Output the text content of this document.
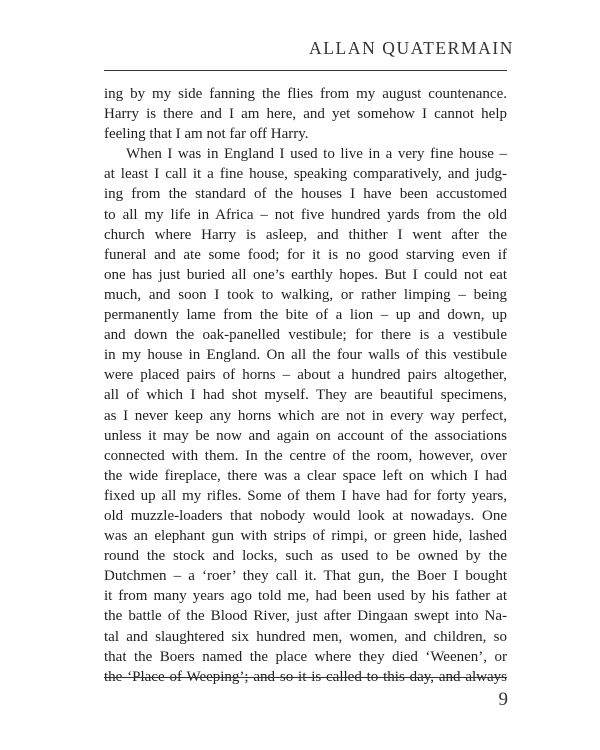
ALLAN QUATERMAIN
ing by my side fanning the flies from my august countenance.
Harry is there and I am here, and yet somehow I cannot help
feeling that I am not far off Harry.
When I was in England I used to live in a very fine house –
at least I call it a fine house, speaking comparatively, and judg-
ing from the standard of the houses I have been accustomed
to all my life in Africa – not five hundred yards from the old
church where Harry is asleep, and thither I went after the
funeral and ate some food; for it is no good starving even if
one has just buried all one’s earthly hopes. But I could not eat
much, and soon I took to walking, or rather limping – being
permanently lame from the bite of a lion – up and down, up
and down the oak-panelled vestibule; for there is a vestibule
in my house in England. On all the four walls of this vestibule
were placed pairs of horns – about a hundred pairs altogether,
all of which I had shot myself. They are beautiful specimens,
as I never keep any horns which are not in every way perfect,
unless it may be now and again on account of the associations
connected with them. In the centre of the room, however, over
the wide fireplace, there was a clear space left on which I had
fixed up all my rifles. Some of them I have had for forty years,
old muzzle-loaders that nobody would look at nowadays. One
was an elephant gun with strips of rimpi, or green hide, lashed
round the stock and locks, such as used to be owned by the
Dutchmen – a ‘roer’ they call it. That gun, the Boer I bought
it from many years ago told me, had been used by his father at
the battle of the Blood River, just after Dingaan swept into Na-
tal and slaughtered six hundred men, women, and children, so
that the Boers named the place where they died ‘Weenen’, or
the ‘Place of Weeping’; and so it is called to this day, and always
9
